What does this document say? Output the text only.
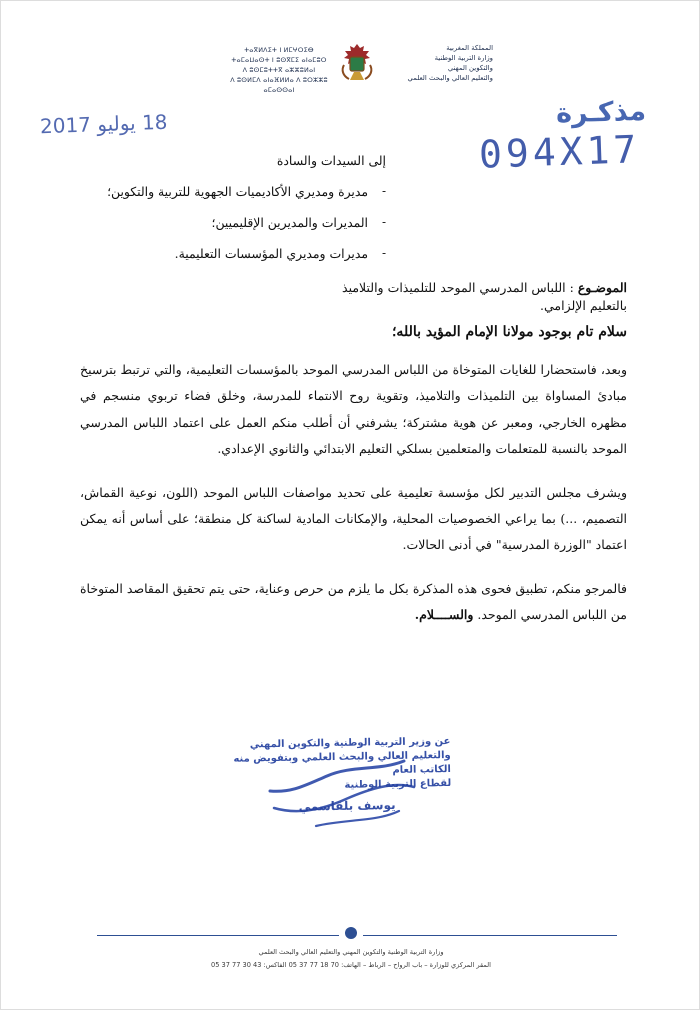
ⵜⴰⴳⵍⴷⵉⵜ ⵏ ⵍⵎⵖⵔⵉⴱ
ⵜⴰⵎⴰⵡⴰⵙⵜ ⵏ ⵓⵙⴳⵎⵉ ⴰⵏⴰⵎⵓⵔ
ⴷ ⵓⵙⵎⵓⵜⵜⴳ ⴰⵣⵣⵓⵍⴰⵏ
ⴷ ⵓⵙⵍⵎⴷ ⴰⵏⴰⴼⵍⵍⴰ ⴷ ⵓⵔⵣⵣⵓ ⴰⵎⴰⵙⵙⴰⵏ
المملكة المغربية
وزارة التربية الوطنية
والتكوين المهني
والتعليم العالي والبحث العلمي
مذكـرة
094X17
18 يوليو 2017
إلى السيدات والسادة
-
مديرة ومديري الأكاديميات الجهوية للتربية والتكوين؛
-
المديرات والمديرين الإقليميين؛
-
مديرات ومديري المؤسسات التعليمية.
الموضـوع : اللباس المدرسي الموحد للتلميذات والتلاميذ بالتعليم الإلزامي.
سلام تام بوجود مولانا الإمام المؤيد بالله؛

وبعد، فاستحضارا للغايات المتوخاة من اللباس المدرسي الموحد بالمؤسسات التعليمية، والتي ترتبط بترسيخ مبادئ المساواة بين التلميذات والتلاميذ، وتقوية روح الانتماء للمدرسة، وخلق فضاء تربوي منسجم في مظهره الخارجي، ومعبر عن هوية مشتركة؛ يشرفني أن أطلب منكم العمل على اعتماد اللباس المدرسي الموحد بالنسبة للمتعلمات والمتعلمين بسلكي التعليم الابتدائي والثانوي الإعدادي.

ويشرف مجلس التدبير لكل مؤسسة تعليمية على تحديد مواصفات اللباس الموحد (اللون، نوعية القماش، التصميم، ...) بما يراعي الخصوصيات المحلية، والإمكانات المادية لساكنة كل منطقة؛ على أساس أنه يمكن اعتماد "الوزرة المدرسية" في أدنى الحالات.

فالمرجو منكم، تطبيق فحوى هذه المذكرة بكل ما يلزم من حرص وعناية، حتى يتم تحقيق المقاصد المتوخاة من اللباس المدرسي الموحد. والســــلام.

عن وزير التربية الوطنية والتكوين المهني
والتعليم العالي والبحث العلمي وبتفويض منه
الكاتب العام
لقطاع التربية الوطنية
يوسف بلقاسمي
وزارة التربية الوطنية والتكوين المهني والتعليم العالي والبحث العلمي
المقر المركزي للوزارة – باب الرواح – الرباط – الهاتف: 70 18 77 37 05 الفاكس: 43 30 77 37 05
